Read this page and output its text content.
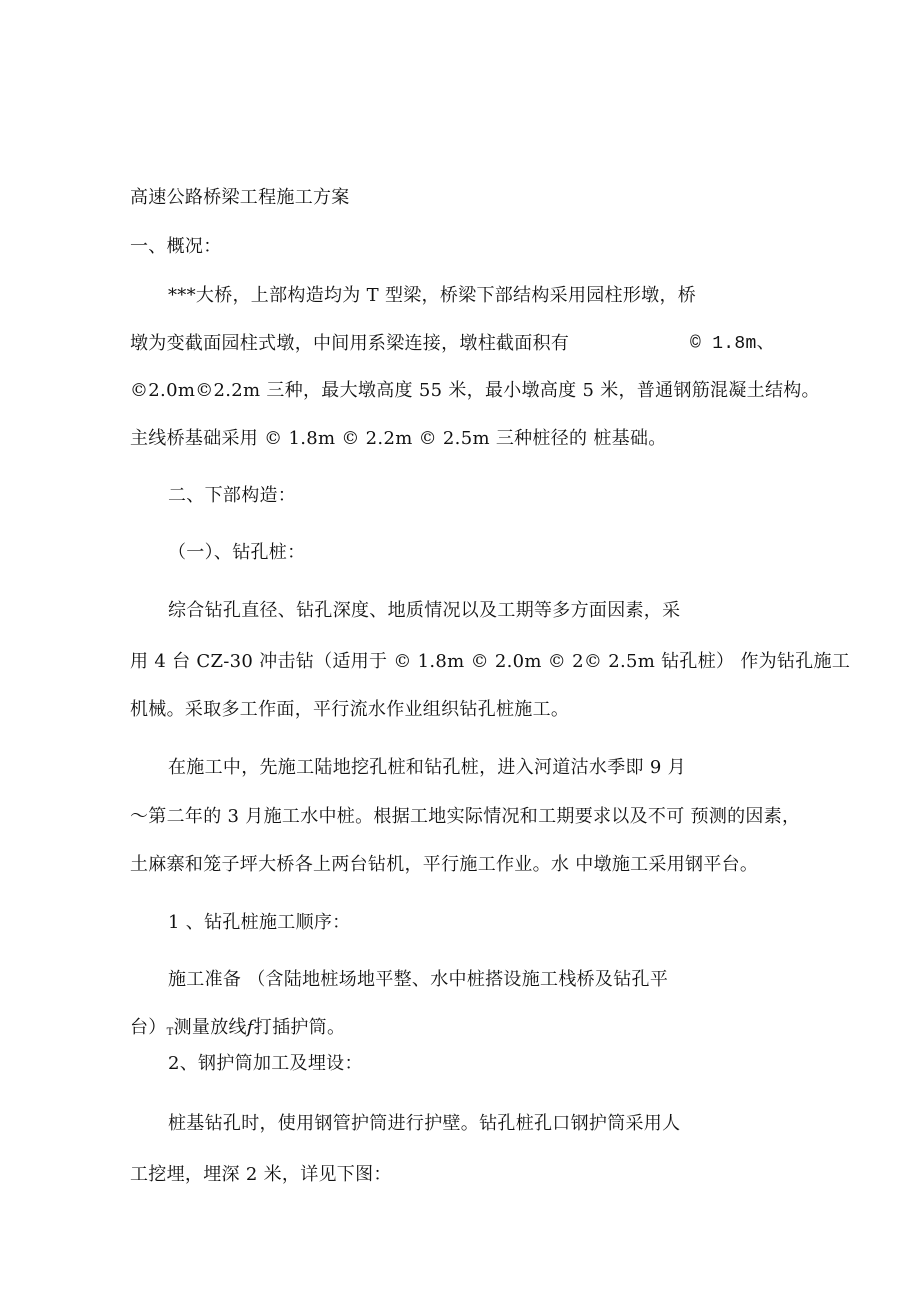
高速公路桥梁工程施工方案
一、概况：
***大桥，上部构造均为 T 型梁，桥梁下部结构采用园柱形墩，桥
墩为变截面园柱式墩，中间用系梁连接，墩柱截面积有	© 1.8m、
©2.0m©2.2m 三种，最大墩高度 55 米，最小墩高度 5 米，普通钢筋混凝土结构。
主线桥基础采用 © 1.8m © 2.2m © 2.5m 三种桩径的 桩基础。
二、下部构造：
（一）、钻孔桩：
综合钻孔直径、钻孔深度、地质情况以及工期等多方面因素，采
用 4 台 CZ-30 冲击钻（适用于 © 1.8m © 2.0m © 2© 2.5m 钻孔桩） 作为钻孔施工
机械。采取多工作面，平行流水作业组织钻孔桩施工。
在施工中，先施工陆地挖孔桩和钻孔桩，进入河道沽水季即 9 月
～第二年的 3 月施工水中桩。根据工地实际情况和工期要求以及不可 预测的因素，
土麻寨和笼子坪大桥各上两台钻机，平行施工作业。水 中墩施工采用钢平台。
1 、钻孔桩施工顺序：
施工准备 （含陆地桩场地平整、水中桩搭设施工栈桥及钻孔平
台）$_T$测量放线f打插护筒。
2、钢护筒加工及埋设：
桩基钻孔时，使用钢管护筒进行护壁。钻孔桩孔口钢护筒采用人
工挖埋，埋深 2 米，详见下图：
